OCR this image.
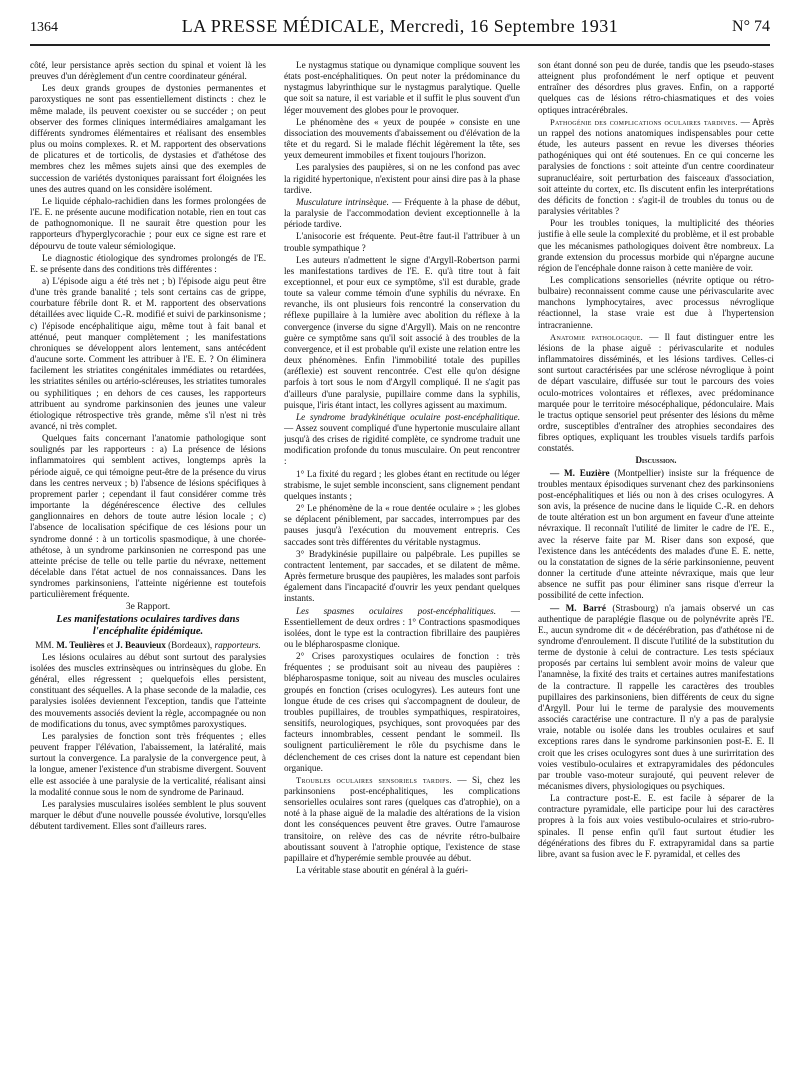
1364	LA PRESSE MÉDICALE, Mercredi, 16 Septembre 1931	N° 74

côté, leur persistance après section du spinal et voient là les preuves d'un dérèglement d'un centre coordinateur général.

Les deux grands groupes de dystonies permanentes et paroxystiques ne sont pas essentiellement distincts : chez le même malade, ils peuvent coexister ou se succéder ; on peut observer des formes cliniques intermédiaires amalgamant les différents syndromes élémentaires et réalisant des ensembles plus ou moins complexes. R. et M. rapportent des observations de plicatures et de torticolis, de dystasies et d'athétose des membres chez les mêmes sujets ainsi que des exemples de succession de variétés dystoniques paraissant fort éloignées les unes des autres quand on les considère isolément.

Le liquide céphalo-rachidien dans les formes prolongées de l'E. E. ne présente aucune modification notable, rien en tout cas de pathognomonique. Il ne saurait être question pour les rapporteurs d'hyperglycorachie ; pour eux ce signe est rare et dépourvu de toute valeur sémiologique.

Le diagnostic étiologique des syndromes prolongés de l'E. E. se présente dans des conditions très différentes :

a) L'épisode aigu a été très net ; b) l'épisode aigu peut être d'une très grande banalité ; tels sont certains cas de grippe, courbature fébrile dont R. et M. rapportent des observations détaillées avec liquide C.-R. modifié et suivi de parkinsonisme ; c) l'épisode encéphalitique aigu, même tout à fait banal et atténué, peut manquer complètement ; les manifestations chroniques se développent alors lentement, sans antécédent d'aucune sorte. Comment les attribuer à l'E. E. ? On éliminera facilement les striatites congénitales immédiates ou retardées, les striatites séniles ou artério-scléreuses, les striatites tumorales ou syphilitiques ; en dehors de ces causes, les rapporteurs attribuent au syndrome parkinsonien des jeunes une valeur étiologique rétrospective très grande, même s'il n'est ni très avancé, ni très complet.

Quelques faits concernant l'anatomie pathologique sont soulignés par les rapporteurs : a) La présence de lésions inflammatoires qui semblent actives, longtemps après la période aiguë, ce qui témoigne peut-être de la présence du virus dans les centres nerveux ; b) l'absence de lésions spécifiques à proprement parler ; cependant il faut considérer comme très importante la dégénérescence élective des cellules ganglionnaires en dehors de toute autre lésion locale ; c) l'absence de localisation spécifique de ces lésions pour un syndrome donné : à un torticolis spasmodique, à une chorée-athétose, à un syndrome parkinsonien ne correspond pas une atteinte précise de telle ou telle partie du névraxe, nettement décelable dans l'état actuel de nos connaissances. Dans les syndromes parkinsoniens, l'atteinte nigérienne est toutefois particulièrement fréquente.

3e Rapport.

Les manifestations oculaires tardives dans l'encéphalite épidémique.

MM. M. Teulières et J. Beauvieux (Bordeaux), rapporteurs.

Les lésions oculaires au début sont surtout des paralysies isolées des muscles extrinsèques ou intrinsèques du globe. En général, elles régressent ; quelquefois elles persistent, constituant des séquelles. A la phase seconde de la maladie, ces paralysies isolées deviennent l'exception, tandis que l'atteinte des mouvements associés devient la règle, accompagnée ou non de modifications du tonus, avec symptômes paroxystiques.

Les paralysies de fonction sont très fréquentes ; elles peuvent frapper l'élévation, l'abaissement, la latéralité, mais surtout la convergence. La paralysie de la convergence peut, à la longue, amener l'existence d'un strabisme divergent. Souvent elle est associée à une paralysie de la verticalité, réalisant ainsi la modalité connue sous le nom de syndrome de Parinaud.

Les paralysies musculaires isolées semblent le plus souvent marquer le début d'une nouvelle poussée évolutive, lorsqu'elles débutent tardivement. Elles sont d'ailleurs rares.

Le nystagmus statique ou dynamique complique souvent les états post-encéphalitiques. On peut noter la prédominance du nystagmus labyrinthique sur le nystagmus paralytique. Quelle que soit sa nature, il est variable et il suffit le plus souvent d'un léger mouvement des globes pour le provoquer.

Le phénomène des « yeux de poupée » consiste en une dissociation des mouvements d'abaissement ou d'élévation de la tête et du regard. Si le malade fléchit légèrement la tête, ses yeux demeurent immobiles et fixent toujours l'horizon.

Les paralysies des paupières, si on ne les confond pas avec la rigidité hypertonique, n'existent pour ainsi dire pas à la phase tardive.

Musculature intrinsèque. — Fréquente à la phase de début, la paralysie de l'accommodation devient exceptionnelle à la période tardive.

L'anisocorie est fréquente. Peut-être faut-il l'attribuer à un trouble sympathique ?

Les auteurs n'admettent le signe d'Argyll-Robertson parmi les manifestations tardives de l'E. E. qu'à titre tout à fait exceptionnel, et pour eux ce symptôme, s'il est durable, grade toute sa valeur comme témoin d'une syphilis du névraxe. En revanche, ils ont plusieurs fois rencontré la conservation du réflexe pupillaire à la lumière avec abolition du réflexe à la convergence (inverse du signe d'Argyll). Mais on ne rencontre guère ce symptôme sans qu'il soit associé à des troubles de la convergence, et il est probable qu'il existe une relation entre les deux phénomènes. Enfin l'immobilité totale des pupilles (aréflexie) est souvent rencontrée. C'est elle qu'on désigne parfois à tort sous le nom d'Argyll compliqué. Il ne s'agit pas d'ailleurs d'une paralysie, pupillaire comme dans la syphilis, puisque, l'iris étant intact, les collyres agissent au maximum.

Le syndrome bradykinétique oculaire post-encéphalitique. — Assez souvent compliqué d'une hypertonie musculaire allant jusqu'à des crises de rigidité complète, ce syndrome traduit une modification profonde du tonus musculaire. On peut rencontrer :

1° La fixité du regard ; les globes étant en rectitude ou léger strabisme, le sujet semble inconscient, sans clignement pendant quelques instants ;

2° Le phénomène de la « roue dentée oculaire » ; les globes se déplacent péniblement, par saccades, interrompues par des pauses jusqu'à l'exécution du mouvement entrepris. Ces saccades sont très différentes du véritable nystagmus.

3° Bradykinésie pupillaire ou palpébrale. Les pupilles se contractent lentement, par saccades, et se dilatent de même. Après fermeture brusque des paupières, les malades sont parfois également dans l'incapacité d'ouvrir les yeux pendant quelques instants.

Les spasmes oculaires post-encéphalitiques. — Essentiellement de deux ordres : 1° Contractions spasmodiques isolées, dont le type est la contraction fibrillaire des paupières ou le blépharospasme clonique.

2° Crises paroxystiques oculaires de fonction : très fréquentes ; se produisant soit au niveau des paupières : blépharospasme tonique, soit au niveau des muscles oculaires groupés en fonction (crises oculogyres). Les auteurs font une longue étude de ces crises qui s'accompagnent de douleur, de troubles pupillaires, de troubles sympathiques, respiratoires, sensitifs, neurologiques, psychiques, sont provoquées par des facteurs innombrables, cessent pendant le sommeil. Ils soulignent particulièrement le rôle du psychisme dans le déclenchement de ces crises dont la nature est cependant bien organique.

Troubles oculaires sensoriels tardifs. — Si, chez les parkinsoniens post-encéphalitiques, les complications sensorielles oculaires sont rares (quelques cas d'atrophie), on a noté à la phase aiguë de la maladie des altérations de la vision dont les conséquences peuvent être graves. Outre l'amaurose transitoire, on relève des cas de névrite rétro-bulbaire aboutissant souvent à l'atrophie optique, l'existence de stase papillaire et d'hyperémie semble prouvée au début.

La véritable stase aboutit en général à la guéri-

son étant donné son peu de durée, tandis que les pseudo-stases atteignent plus profondément le nerf optique et peuvent entraîner des désordres plus graves. Enfin, on a rapporté quelques cas de lésions rétro-chiasmatiques et des voies optiques intracérébrales.

Pathogénie des complications oculaires tardives. — Après un rappel des notions anatomiques indispensables pour cette étude, les auteurs passent en revue les diverses théories pathogéniques qui ont été soutenues. En ce qui concerne les paralysies de fonctions : soit atteinte d'un centre coordinateur supranucléaire, soit perturbation des faisceaux d'association, soit atteinte du cortex, etc. Ils discutent enfin les interprétations des déficits de fonction : s'agit-il de troubles du tonus ou de paralysies véritables ?

Pour les troubles toniques, la multiplicité des théories justifie à elle seule la complexité du problème, et il est probable que les mécanismes pathologiques doivent être nombreux. La grande extension du processus morbide qui n'épargne aucune région de l'encéphale donne raison à cette manière de voir.

Les complications sensorielles (névrite optique ou rétro-bulbaire) reconnaissent comme cause une périvascularite avec manchons lymphocytaires, avec processus névroglique réactionnel, la stase vraie est due à l'hypertension intracranienne.

Anatomie pathologique. — Il faut distinguer entre les lésions de la phase aiguë : périvascularite et nodules inflammatoires disséminés, et les lésions tardives. Celles-ci sont surtout caractérisées par une sclérose névroglique à point de départ vasculaire, diffusée sur tout le parcours des voies oculo-motrices volontaires et réflexes, avec prédominance marquée pour le territoire mésocéphalique, pédonculaire. Mais le tractus optique sensoriel peut présenter des lésions du même ordre, susceptibles d'entraîner des atrophies secondaires des fibres optiques, expliquant les troubles visuels tardifs parfois constatés.

Discussion.

— M. Euzière (Montpellier) insiste sur la fréquence de troubles mentaux épisodiques survenant chez des parkinsoniens post-encéphalitiques et liés ou non à des crises oculogyres. A son avis, la présence de nucine dans le liquide C.-R. en dehors de toute altération est un bon argument en faveur d'une atteinte névraxique. Il reconnaît l'utilité de limiter le cadre de l'E. E., avec la réserve faite par M. Riser dans son exposé, que l'existence dans les antécédents des malades d'une E. E. nette, ou la constatation de signes de la série parkinsonienne, peuvent donner la certitude d'une atteinte névraxique, mais que leur absence ne suffit pas pour éliminer sans risque d'erreur la possibilité de cette infection.

— M. Barré (Strasbourg) n'a jamais observé un cas authentique de paraplégie flasque ou de polynévrite après l'E. E., aucun syndrome dit « de décérébration, pas d'athétose ni de syndrome d'enroulement. Il discute l'utilité de la substitution du terme de dystonie à celui de contracture. Les tests spéciaux proposés par certains lui semblent avoir moins de valeur que l'anamnèse, la fixité des traits et certaines autres manifestations de la contracture. Il rappelle les caractères des troubles pupillaires des parkinsoniens, bien différents de ceux du signe d'Argyll. Pour lui le terme de paralysie des mouvements associés caractérise une contracture. Il n'y a pas de paralysie vraie, notable ou isolée dans les troubles oculaires et sauf exceptions rares dans le syndrome parkinsonien post-E. E. Il croit que les crises oculogyres sont dues à une surirritation des voies vestibulo-oculaires et extrapyramidales des pédoncules par trouble vaso-moteur surajouté, qui peuvent relever de mécanismes divers, physiologiques ou psychiques.

La contracture post-E. E. est facile à séparer de la contracture pyramidale, elle participe pour lui des caractères propres à la fois aux voies vestibulo-oculaires et strio-rubro-spinales. Il pense enfin qu'il faut surtout étudier les dégénérations des fibres du F. extrapyramidal dans sa partie libre, avant sa fusion avec le F. pyramidal, et celles des
